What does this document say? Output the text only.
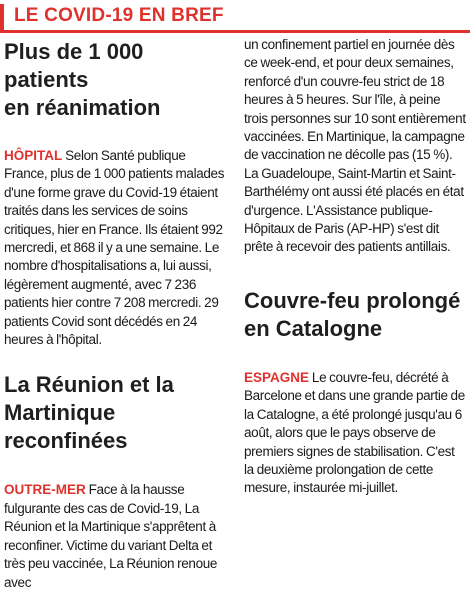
LE COVID-19 EN BREF
Plus de 1 000 patients
en réanimation

HÔPITAL Selon Santé publique France, plus de 1 000 patients malades d'une forme grave du Covid-19 étaient traités dans les services de soins critiques, hier en France. Ils étaient 992 mercredi, et 868 il y a une semaine. Le nombre d'hospitalisations a, lui aussi, légèrement augmenté, avec 7 236 patients hier contre 7 208 mercredi. 29 patients Covid sont décédés en 24 heures à l'hôpital.

La Réunion et la
Martinique reconfinées

OUTRE-MER Face à la hausse fulgurante des cas de Covid-19, La Réunion et la Martinique s'apprêtent à reconfiner. Victime du variant Delta et très peu vaccinée, La Réunion renoue avec

un confinement partiel en journée dès ce week-end, et pour deux semaines, renforcé d'un couvre-feu strict de 18 heures à 5 heures. Sur l'île, à peine trois personnes sur 10 sont entièrement vaccinées. En Martinique, la campagne de vaccination ne décolle pas (15 %). La Guadeloupe, Saint-Martin et Saint-Barthélémy ont aussi été placés en état d'urgence. L'Assistance publique-Hôpitaux de Paris (AP-HP) s'est dit prête à recevoir des patients antillais.

Couvre-feu prolongé
en Catalogne

ESPAGNE Le couvre-feu, décrété à Barcelone et dans une grande partie de la Catalogne, a été prolongé jusqu'au 6 août, alors que le pays observe de premiers signes de stabilisation. C'est la deuxième prolongation de cette mesure, instaurée mi-juillet.
